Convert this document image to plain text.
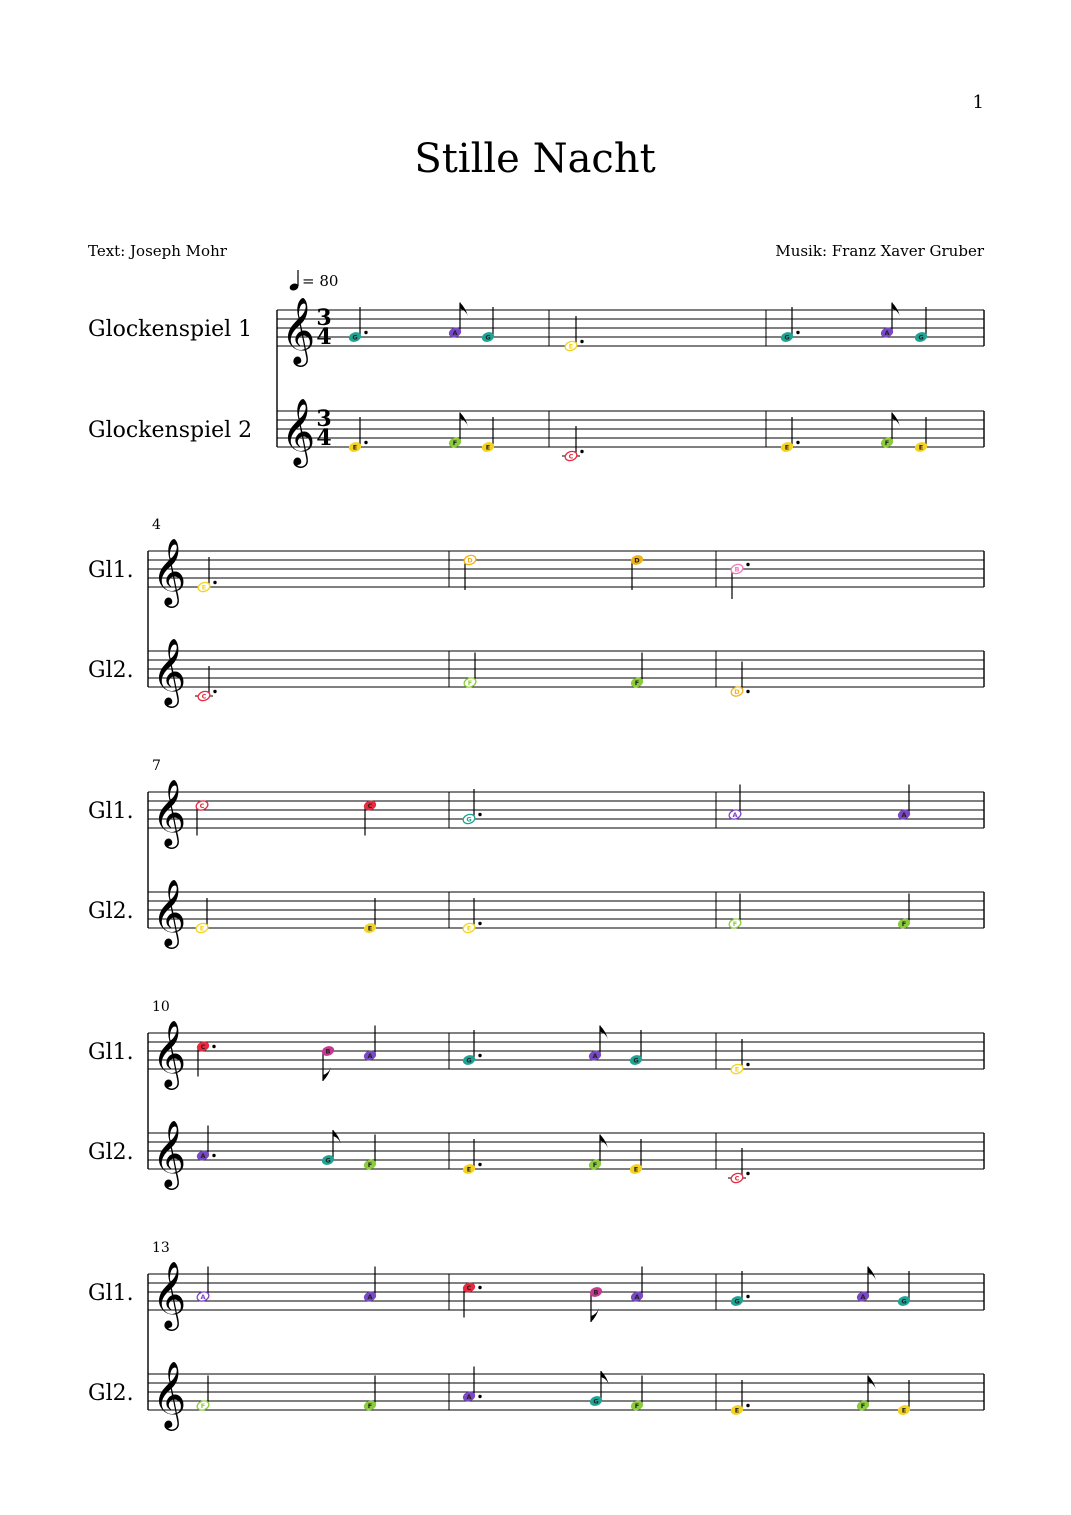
1
Stille Nacht
Text: Joseph Mohr	Musik: Franz Xaver Gruber
= 80
𝄞
Glockenspiel 1	3
4	G
A
G
E
G
A
G
𝄞
Glockenspiel 2	3
4	E
F
E
C
E
F
E
4
𝄞
Gl1.
E
D	D
B
𝄞
Gl2.
C
F	F
D
7
𝄞
Gl1.	C	C
G
A	A
𝄞
Gl2.
E	E	E
F	F
10
𝄞
Gl1.	C
B
A
G
A
G
E
𝄞
Gl2.	A
G
F
E
F
E
C
13
𝄞
Gl1.	A	A
C
B
A
G
A
G
𝄞
Gl2.	F	F
A
G
F
E
F
E
